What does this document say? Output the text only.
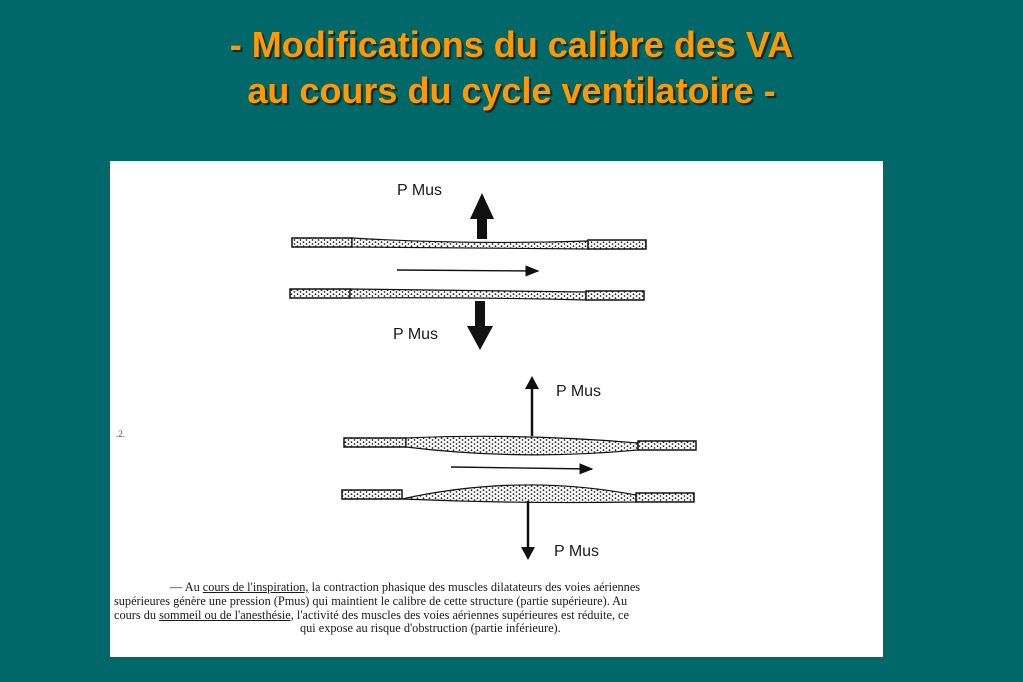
- Modifications du calibre des VA
au cours du cycle ventilatoire -
.2.
P Mus
P Mus
P Mus
P Mus
— Au cours de l'inspiration, la contraction phasique des muscles dilatateurs des voies aériennes
supérieures génère une pression (Pmus) qui maintient le calibre de cette structure (partie supérieure). Au
cours du sommeil ou de l'anesthésie, l'activité des muscles des voies aériennes supérieures est réduite, ce
qui expose au risque d'obstruction (partie inférieure).
